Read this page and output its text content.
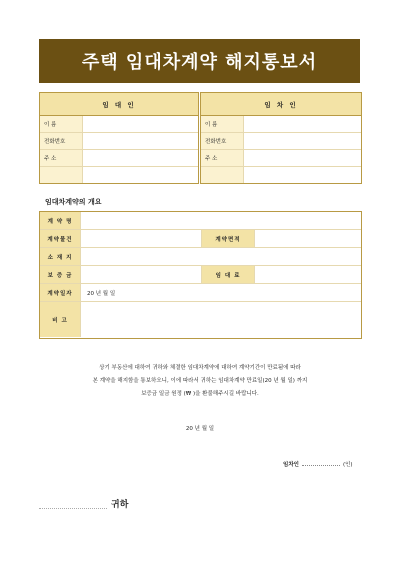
주택 임대차계약 해지통보서
임 대 인
이 름
전화번호
주 소
임 차 인
이 름
전화번호
주 소
임대차계약의 개요
계 약 명
계약물건	계약면적
소 재 지
보 증 금	임 대 료
계약일자	20 년 월 일
비 고
상기 부동산에 대하여 귀하와 체결한 임대차계약에 대하여 계약기간이 만료됨에 따라
본 계약을 해지함을 통보하오니, 이에 따라서 귀하는 임대차계약 만료일(20 년 월 일) 까지
보증금 일금 원정 (₩ )을 환불해주시길 바랍니다.
20 년 월 일
임차인	(인)
귀하
